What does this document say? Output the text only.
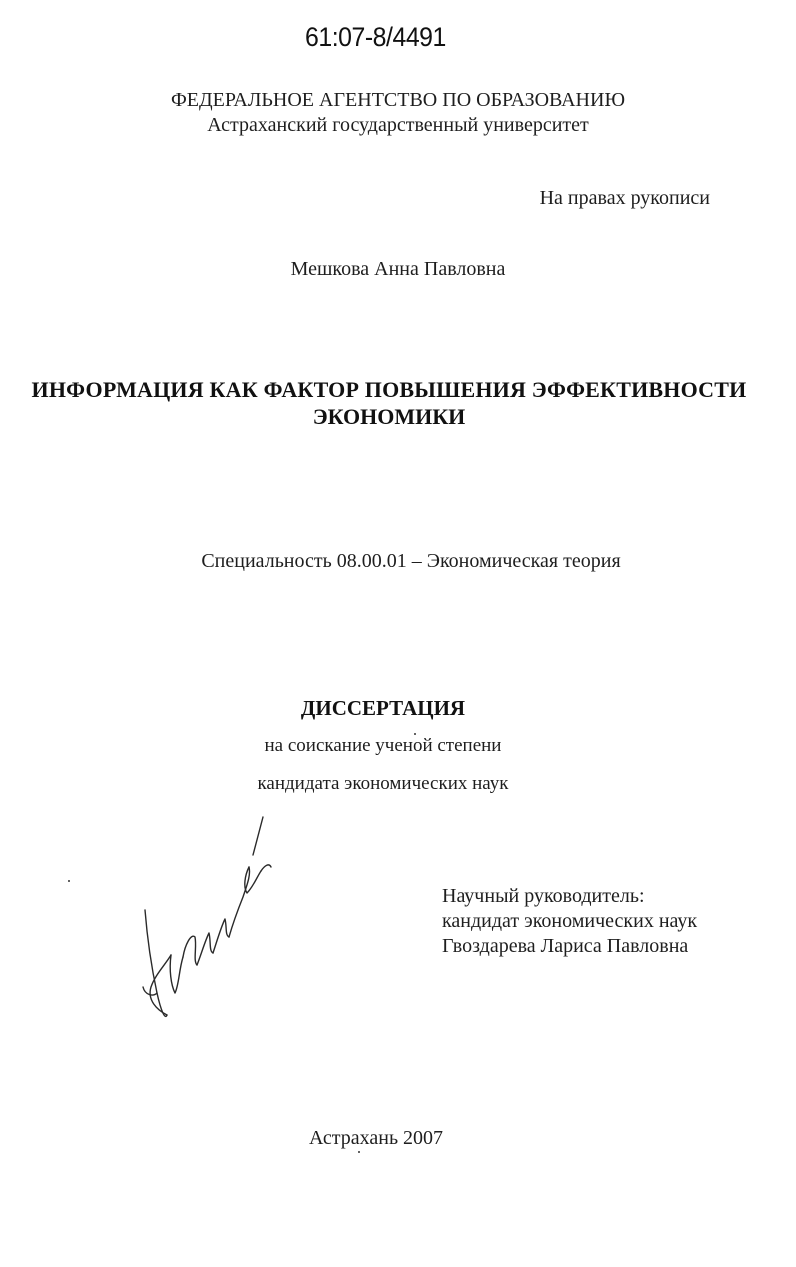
61:07-8/4491
ФЕДЕРАЛЬНОЕ АГЕНТСТВО ПО ОБРАЗОВАНИЮ
Астраханский государственный университет
На правах рукописи
Мешкова Анна Павловна
ИНФОРМАЦИЯ КАК ФАКТОР ПОВЫШЕНИЯ ЭФФЕКТИВНОСТИ
ЭКОНОМИКИ
Специальность 08.00.01 – Экономическая теория
ДИССЕРТАЦИЯ
на соискание ученой степени
кандидата экономических наук
Научный руководитель:
кандидат экономических наук
Гвоздарева Лариса Павловна
Астрахань 2007
